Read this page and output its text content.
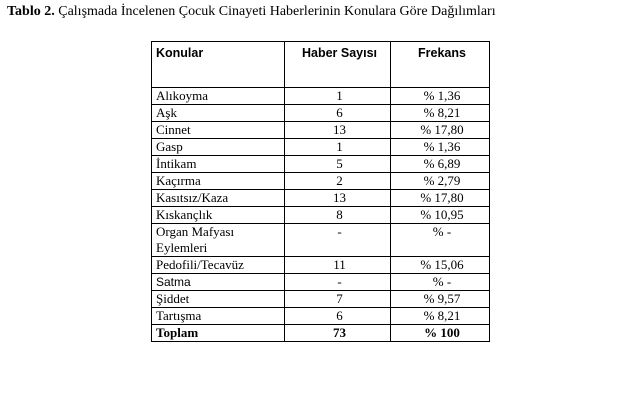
Tablo 2. Çalışmada İncelenen Çocuk Cinayeti Haberlerinin Konulara Göre Dağılımları
Konular	Haber Sayısı	Frekans
Alıkoyma	1	% 1,36
Aşk	6	% 8,21
Cinnet	13	% 17,80
Gasp	1	% 1,36
İntikam	5	% 6,89
Kaçırma	2	% 2,79
Kasıtsız/Kaza	13	% 17,80
Kıskançlık	8	% 10,95
Organ Mafyası Eylemleri	-	% -
Pedofili/Tecavüz	11	% 15,06
Satma	-	% -
Şiddet	7	% 9,57
Tartışma	6	% 8,21
Toplam	73	% 100
